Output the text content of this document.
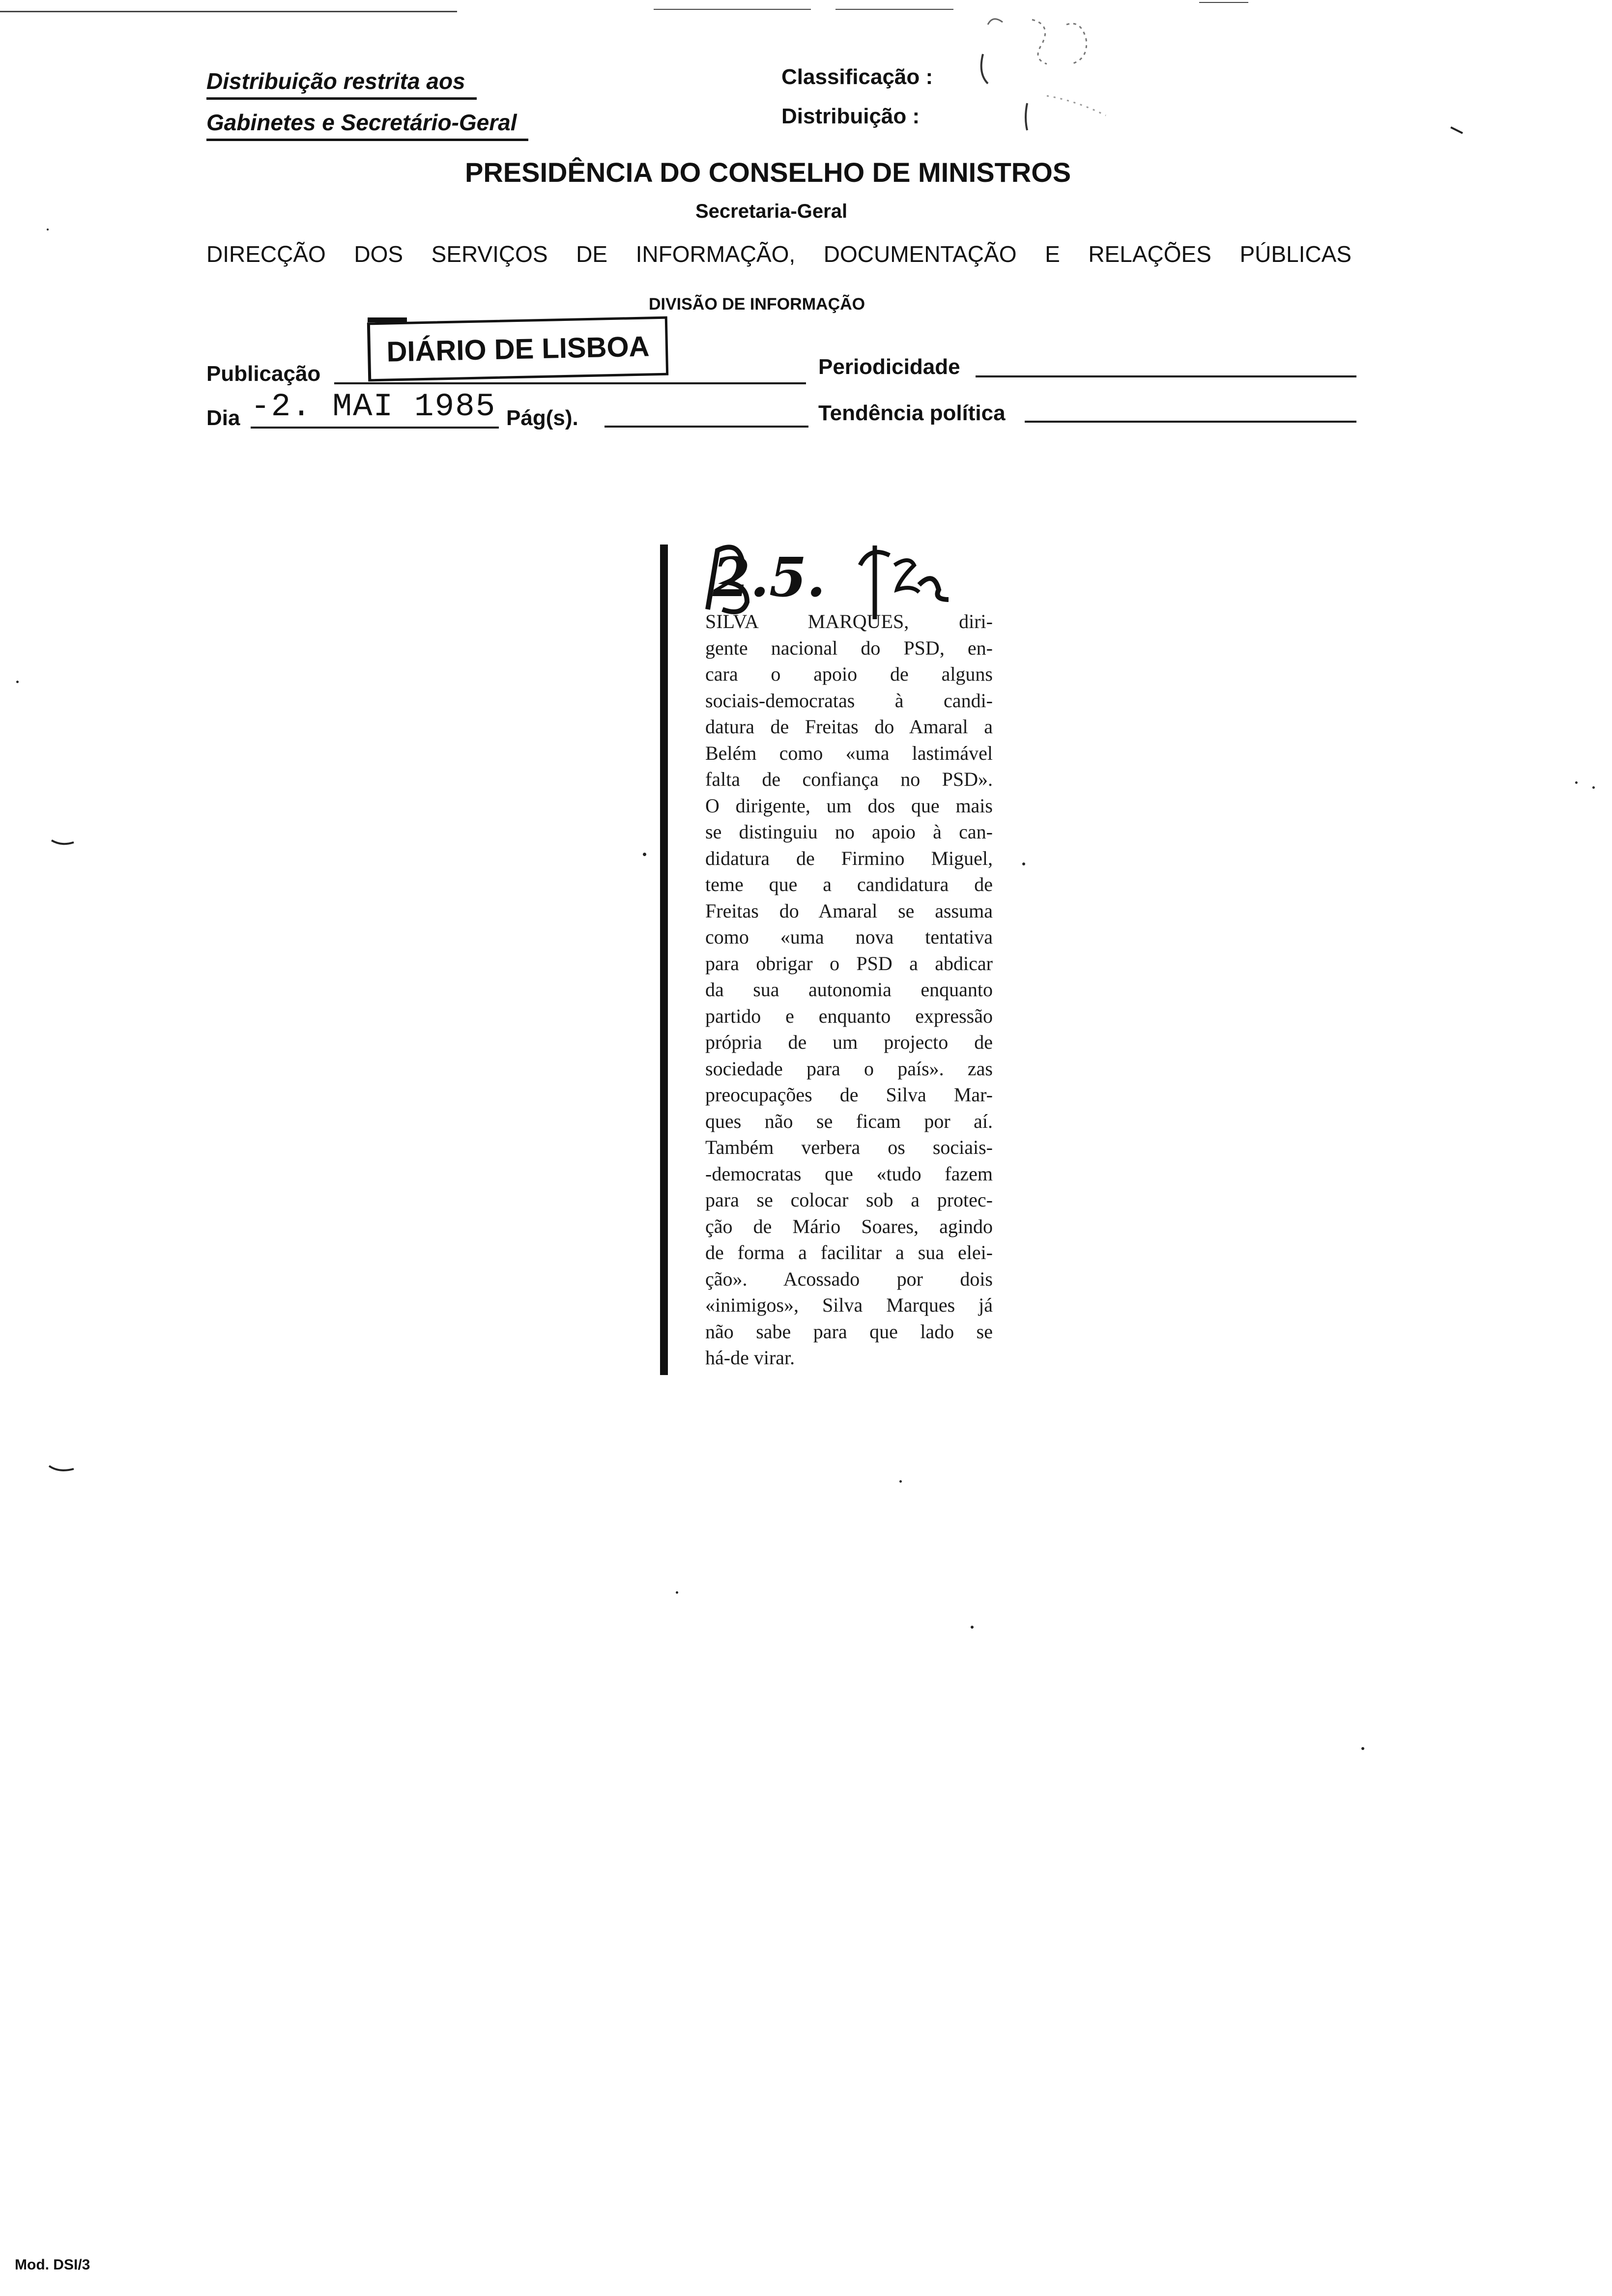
Distribuição restrita aos
Gabinetes e Secretário-Geral
Classificação :
Distribuição :
PRESIDÊNCIA DO CONSELHO DE MINISTROS
Secretaria-Geral
DIRECÇÃO DOS SERVIÇOS DE INFORMAÇÃO, DOCUMENTAÇÃO E RELAÇÕES PÚBLICAS
DIVISÃO DE INFORMAÇÃO
Publicação
DIÁRIO DE LISBOA	Periodicidade
Dia -2. MAI 1985 Pág(s).	Tendência política
2.5.
SILVA MARQUES, diri-
gente nacional do PSD, en-
cara o apoio de alguns
sociais-democratas à candi-
datura de Freitas do Amaral a
Belém como «uma lastimável
falta de confiança no PSD».
O dirigente, um dos que mais
se distinguiu no apoio à can-
didatura de Firmino Miguel,
teme que a candidatura de
Freitas do Amaral se assuma
como «uma nova tentativa
para obrigar o PSD a abdicar
da sua autonomia enquanto
partido e enquanto expressão
própria de um projecto de
sociedade para o país». zas
preocupações de Silva Mar-
ques não se ficam por aí.
Também verbera os sociais-
-democratas que «tudo fazem
para se colocar sob a protec-
ção de Mário Soares, agindo
de forma a facilitar a sua elei-
ção». Acossado por dois
«inimigos», Silva Marques já
não sabe para que lado se
há-de virar.
Mod. DSI/3
